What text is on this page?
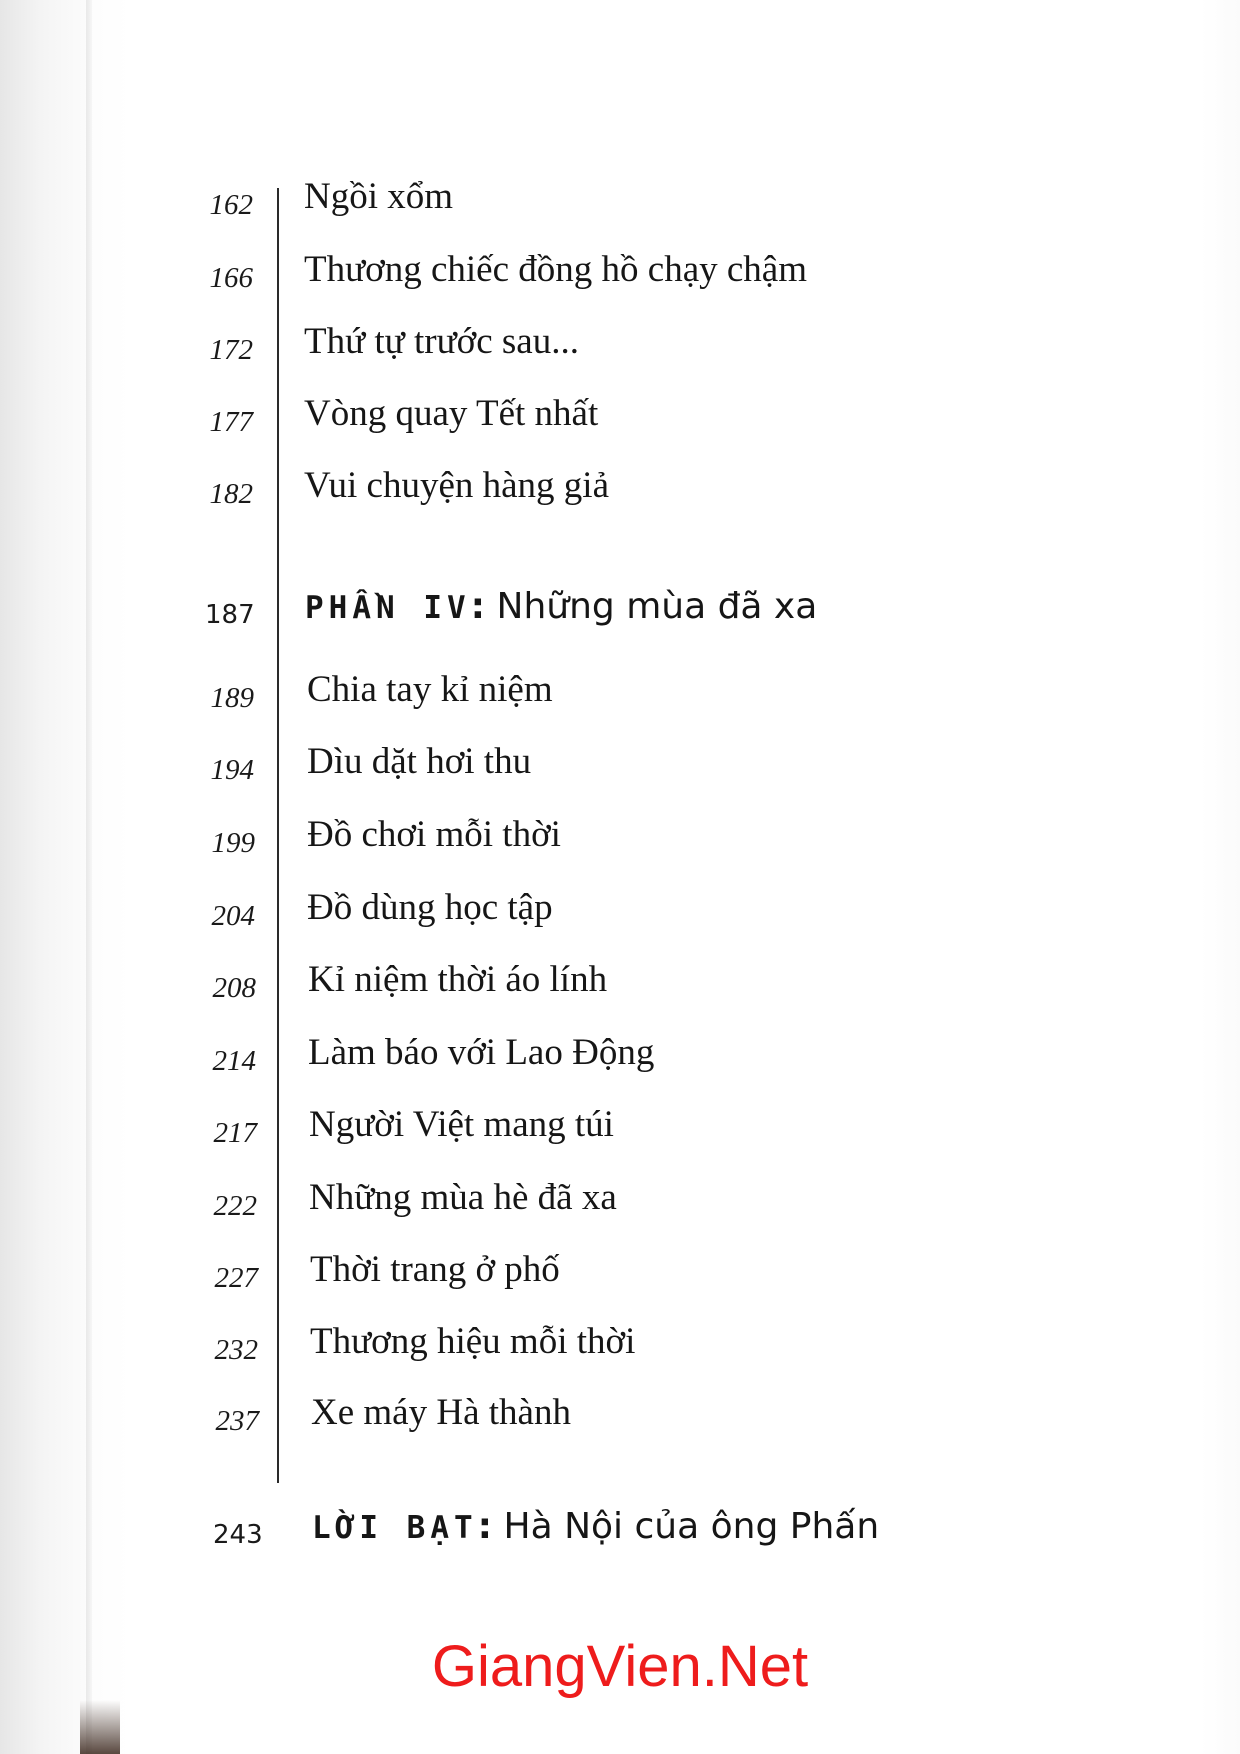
162 Ngồi xổm
166 Thương chiếc đồng hồ chạy chậm
172 Thứ tự trước sau...
177 Vòng quay Tết nhất
182 Vui chuyện hàng giả
187 PHẦN IV: Những mùa đã xa
189 Chia tay kỉ niệm
194 Dìu dặt hơi thu
199 Đồ chơi mỗi thời
204 Đồ dùng học tập
208 Kỉ niệm thời áo lính
214 Làm báo với Lao Động
217 Người Việt mang túi
222 Những mùa hè đã xa
227 Thời trang ở phố
232 Thương hiệu mỗi thời
237 Xe máy Hà thành
243 LỜI BẠT: Hà Nội của ông Phấn
GiangVien.Net
